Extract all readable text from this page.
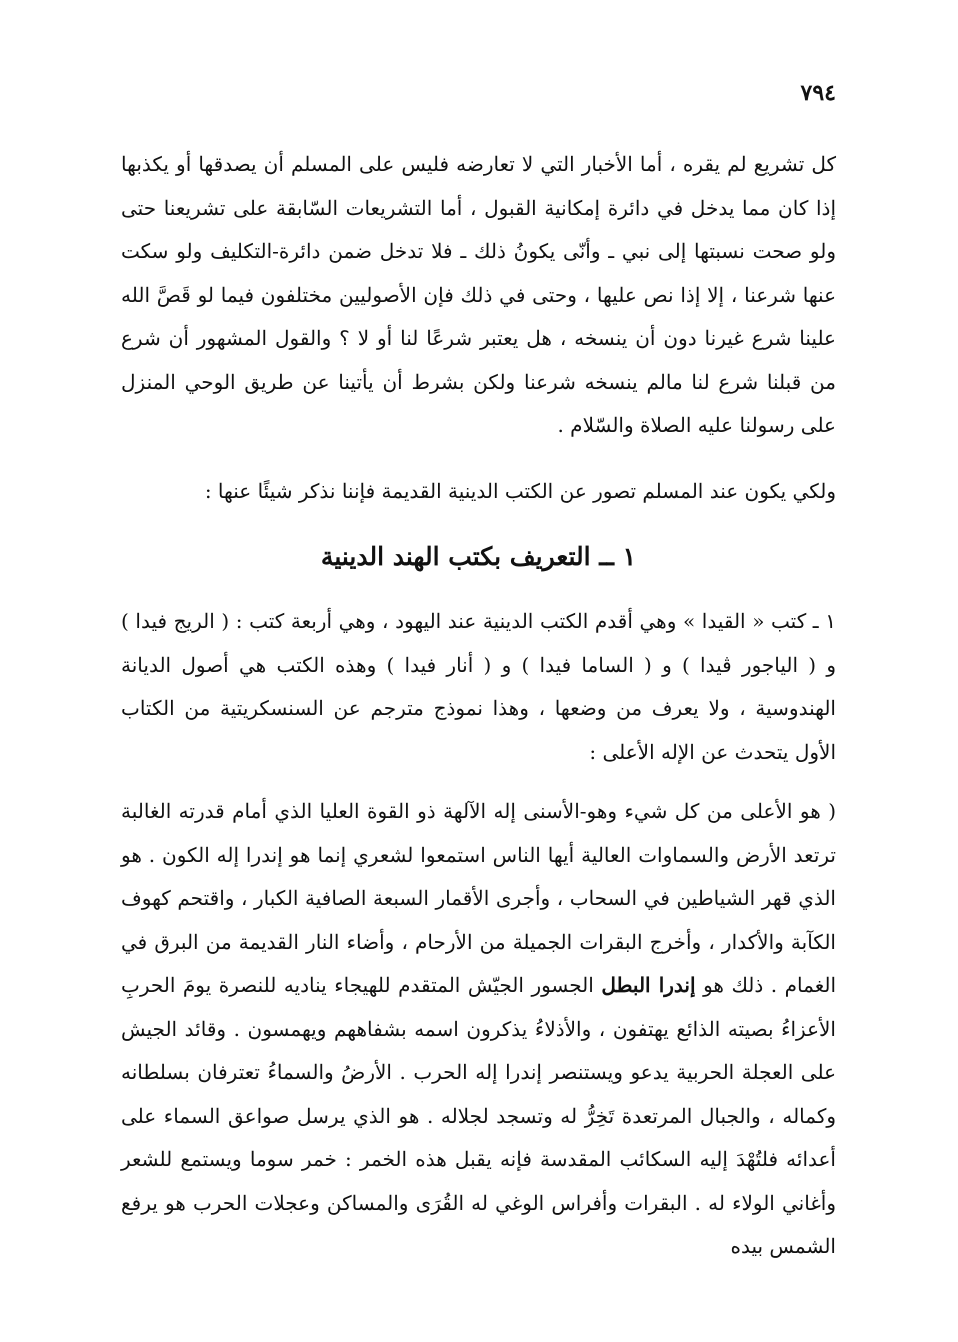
٧٩٤

كل تشريع لم يقره ، أما الأخبار التي لا تعارضه فليس على المسلم أن يصدقها أو يكذبها إذا كان مما يدخل في دائرة إمكانية القبول ، أما التشريعات السّابقة على تشريعنا حتى ولو صحت نسبتها إلى نبي ـ وأنّى يكونُ ذلك ـ فلا تدخل ضمن دائرة-التكليف ولو سكت عنها شرعنا ، إلا إذا نص عليها ، وحتى في ذلك فإن الأصوليين مختلفون فيما لو قَصَّ الله علينا شرع غيرنا دون أن ينسخه ، هل يعتبر شرعًا لنا أو لا ؟ والقول المشهور أن شرع من قبلنا شرع لنا مالم ينسخه شرعنا ولكن بشرط أن يأتينا عن طريق الوحي المنزل على رسولنا عليه الصلاة والسّلام .

ولكي يكون عند المسلم تصور عن الكتب الدينية القديمة فإننا نذكر شيئًا عنها :

١ ــ التعريف بكتب الهند الدينية

١ ـ كتب « القيدا » وهي أقدم الكتب الدينية عند اليهود ، وهي أربعة كتب : ( الريج فيدا ) و ( الياجور ڤيدا ) و ( الساما فيدا ) و ( أنار فيدا ) وهذه الكتب هي أصول الديانة الهندوسية ، ولا يعرف من وضعها ، وهذا نموذج مترجم عن السنسكريتية من الكتاب الأول يتحدث عن الإله الأعلى :

( هو الأعلى من كل شيء وهو-الأسنى إله الآلهة ذو القوة العليا الذي أمام قدرته الغالبة ترتعد الأرض والسماوات العالية أيها الناس استمعوا لشعري إنما هو إندرا إله الكون . هو الذي قهر الشياطين في السحاب ، وأجرى الأقمار السبعة الصافية الكبار ، واقتحم كهوف الكآبة والأكدار ، وأخرج البقرات الجميلة من الأرحام ، وأضاء النار القديمة من البرق في الغمام . ذلك هو إندرا البطل الجسور الجيّش المتقدم للهيجاء يناديه للنصرة يومَ الحربِ الأعزاءُ بصيته الذائع يهتفون ، والأذلاءُ يذكرون اسمه بشفاههم ويهمسون . وقائد الجيش على العجلة الحربية يدعو ويستنصر إندرا إله الحرب . الأرضُ والسماءُ تعترفان بسلطانه وكماله ، والجبال المرتعدة تَخِرُّ له وتسجد لجلاله . هو الذي يرسل صواعق السماء على أعدائه فلتُهْدَ إليه السكائب المقدسة فإنه يقبل هذه الخمر : خمر سوما ويستمع للشعر وأغاني الولاء له . البقرات وأفراس الوغي له القُرَى والمساكن وعجلات الحرب هو يرفع الشمس بيده
